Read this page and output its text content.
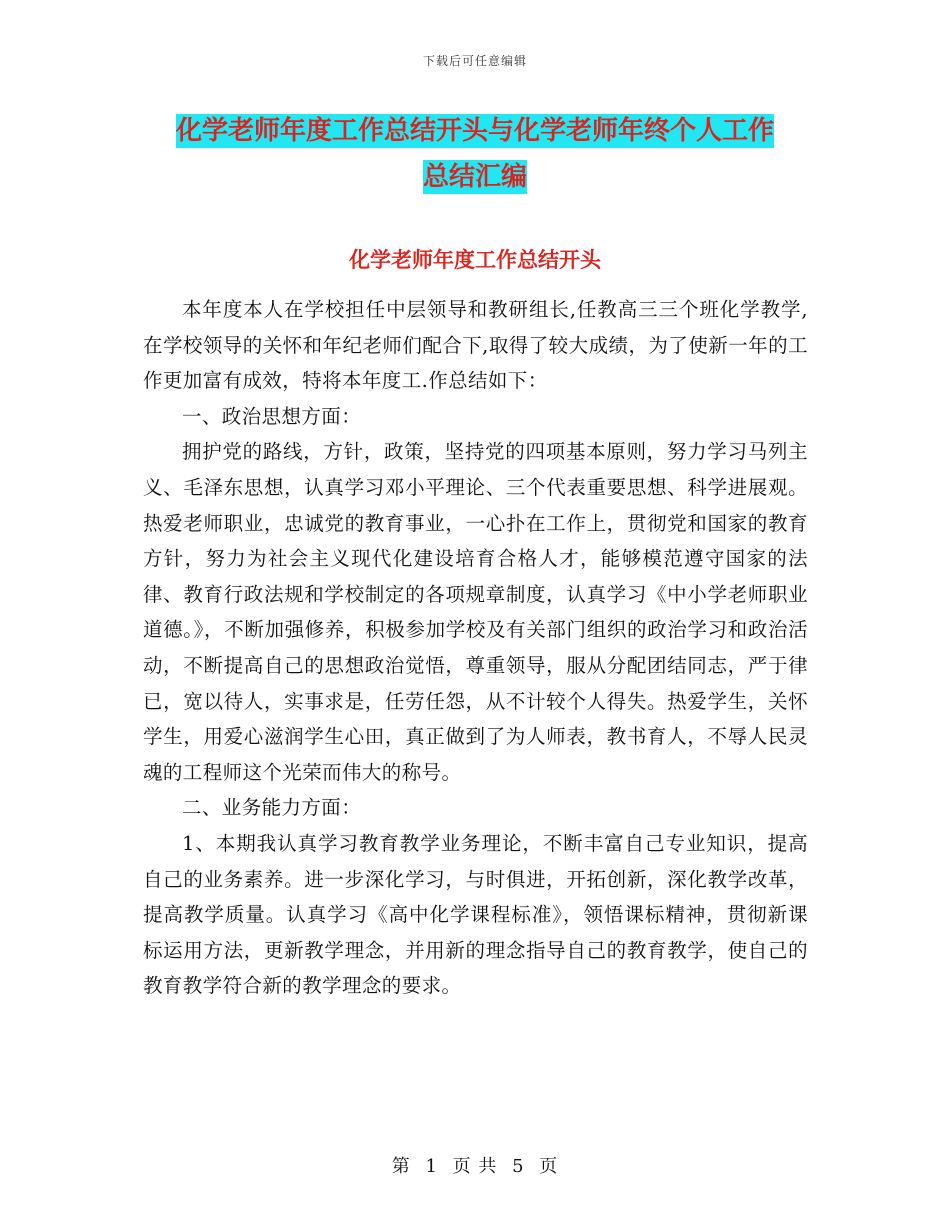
下载后可任意编辑
化学老师年度工作总结开头与化学老师年终个人工作
总结汇编
化学老师年度工作总结开头

本年度本人在学校担任中层领导和教研组长,任教高三三个班化学教学,在学校领导的关怀和年纪老师们配合下,取得了较大成绩，为了使新一年的工作更加富有成效，特将本年度工.作总结如下：

一、政治思想方面：

拥护党的路线，方针，政策，坚持党的四项基本原则，努力学习马列主义、毛泽东思想，认真学习邓小平理论、三个代表重要思想、科学进展观。热爱老师职业，忠诚党的教育事业，一心扑在工作上，贯彻党和国家的教育方针，努力为社会主义现代化建设培育合格人才，能够模范遵守国家的法律、教育行政法规和学校制定的各项规章制度，认真学习《中小学老师职业道德。》，不断加强修养，积极参加学校及有关部门组织的政治学习和政治活动，不断提高自己的思想政治觉悟，尊重领导，服从分配团结同志，严于律已，宽以待人，实事求是，任劳任怨，从不计较个人得失。热爱学生，关怀学生，用爱心滋润学生心田，真正做到了为人师表，教书育人，不辱人民灵魂的工程师这个光荣而伟大的称号。

二、业务能力方面：

1、本期我认真学习教育教学业务理论，不断丰富自己专业知识，提高自己的业务素养。进一步深化学习，与时俱进，开拓创新，深化教学改革，提高教学质量。认真学习《高中化学课程标准》，领悟课标精神，贯彻新课标运用方法，更新教学理念，并用新的理念指导自己的教育教学，使自己的教育教学符合新的教学理念的要求。

第 1 页 共 5 页
